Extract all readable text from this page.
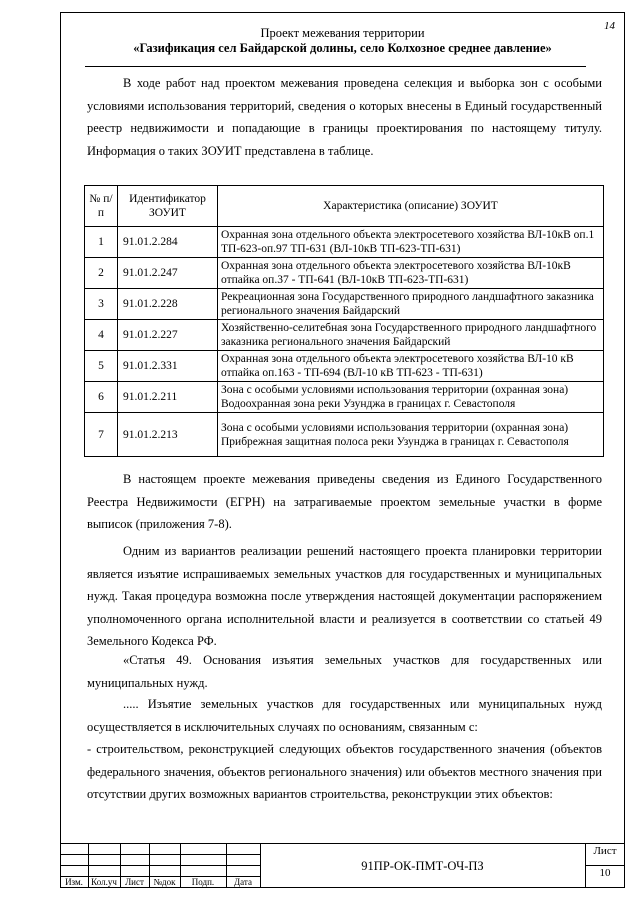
14
Проект межевания территории
«Газификация сел Байдарской долины, село Колхозное среднее давление»

В ходе работ над проектом межевания проведена селекция и выборка зон с особыми условиями использования территорий, сведения о которых внесены в Единый государственный реестр недвижимости и попадающие в границы проектирования по настоящему титулу. Информация о таких ЗОУИТ представлена в таблице.

№ п/п	Идентификатор ЗОУИТ	Характеристика (описание) ЗОУИТ
1	91.01.2.284	Охранная зона отдельного объекта электросетевого хозяйства ВЛ-10кВ оп.1 ТП-623-оп.97 ТП-631 (ВЛ-10кВ ТП-623-ТП-631)
2	91.01.2.247	Охранная зона отдельного объекта электросетевого хозяйства ВЛ-10кВ отпайка оп.37 - ТП-641 (ВЛ-10кВ ТП-623-ТП-631)
3	91.01.2.228	Рекреационная зона Государственного природного ландшафтного заказника регионального значения Байдарский
4	91.01.2.227	Хозяйственно-селитебная зона Государственного природного ландшафтного заказника регионального значения Байдарский
5	91.01.2.331	Охранная зона отдельного объекта электросетевого хозяйства ВЛ-10 кВ отпайка оп.163 - ТП-694 (ВЛ-10 кВ ТП-623 - ТП-631)
6	91.01.2.211	Зона с особыми условиями использования территории (охранная зона) Водоохранная зона реки Узунджа в границах г. Севастополя
7	91.01.2.213	Зона с особыми условиями использования территории (охранная зона) Прибрежная защитная полоса реки Узунджа в границах г. Севастополя

В настоящем проекте межевания приведены сведения из Единого Государственного Реестра Недвижимости (ЕГРН) на затрагиваемые проектом земельные участки в форме выписок (приложения 7-8).

Одним из вариантов реализации решений настоящего проекта планировки территории является изъятие испрашиваемых земельных участков для государственных и муниципальных нужд. Такая процедура возможна после утверждения настоящей документации распоряжением уполномоченного органа исполнительной власти и реализуется в соответствии со статьей 49 Земельного Кодекса РФ.

«Статья 49. Основания изъятия земельных участков для государственных или муниципальных нужд.

..... Изъятие земельных участков для государственных или муниципальных нужд осуществляется в исключительных случаях по основаниям, связанным с:

- строительством, реконструкцией следующих объектов государственного значения (объектов федерального значения, объектов регионального значения) или объектов местного значения при отсутствии других возможных вариантов строительства, реконструкции этих объектов:

Изм. Кол.уч Лист	№док	Подп.	Дата
91ПР-ОК-ПМТ-ОЧ-ПЗ
Лист
10
